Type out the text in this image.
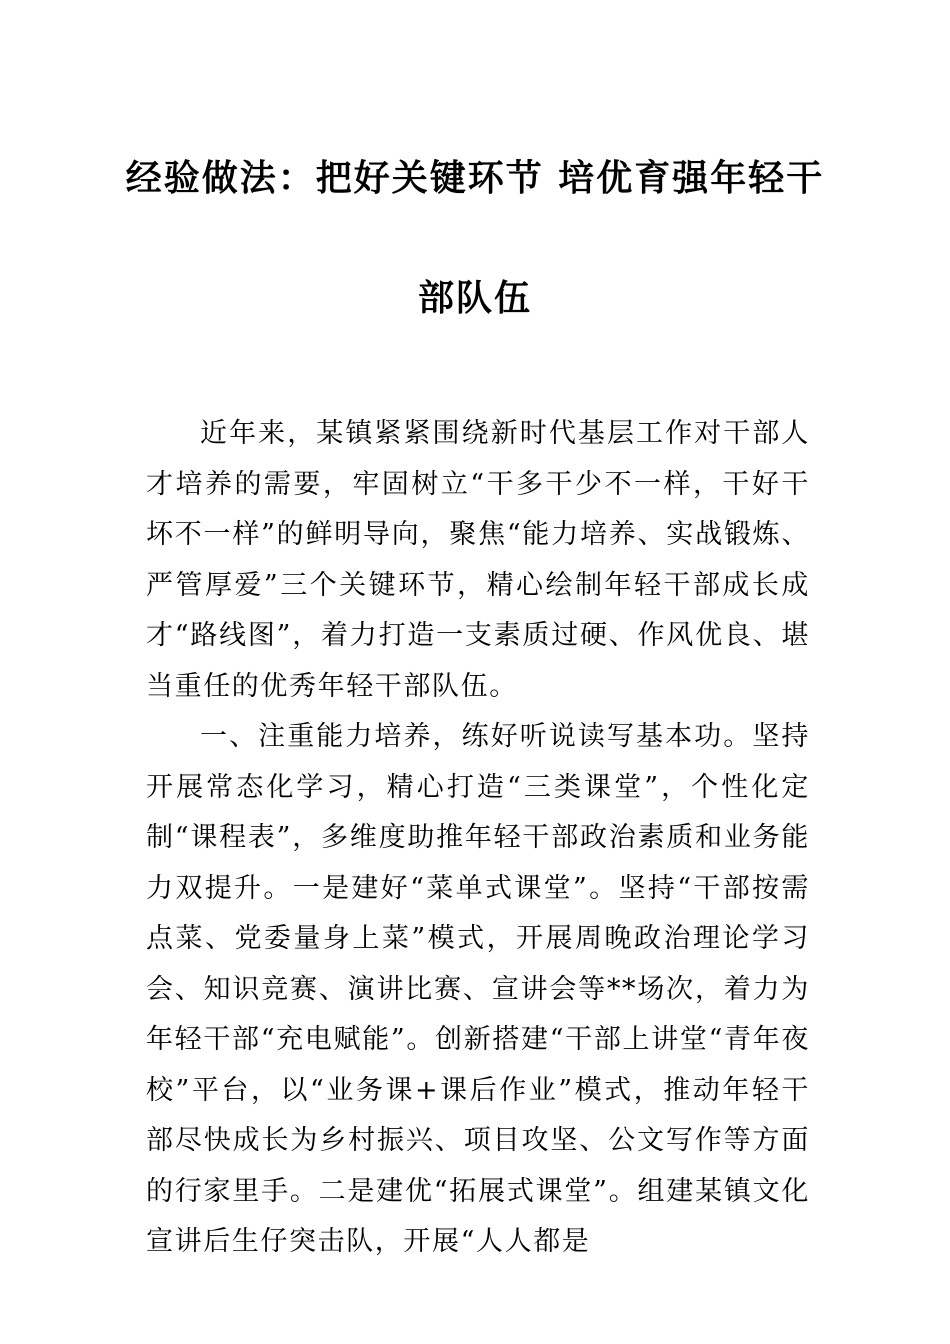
经验做法：把好关键环节 培优育强年轻干
部队伍

近年来，某镇紧紧围绕新时代基层工作对干部人才培养的需要，牢固树立“干多干少不一样，干好干坏不一样”的鲜明导向，聚焦“能力培养、实战锻炼、严管厚爱”三个关键环节，精心绘制年轻干部成长成才“路线图”，着力打造一支素质过硬、作风优良、堪当重任的优秀年轻干部队伍。

一、注重能力培养，练好听说读写基本功。坚持开展常态化学习，精心打造“三类课堂”，个性化定制“课程表”，多维度助推年轻干部政治素质和业务能力双提升。一是建好“菜单式课堂”。坚持“干部按需点菜、党委量身上菜”模式，开展周晚政治理论学习会、知识竞赛、演讲比赛、宣讲会等**场次，着力为年轻干部“充电赋能”。创新搭建“干部上讲堂“青年夜校”平台，以“业务课+课后作业”模式，推动年轻干部尽快成长为乡村振兴、项目攻坚、公文写作等方面的行家里手。二是建优“拓展式课堂”。组建某镇文化宣讲后生仔突击队，开展“人人都是
